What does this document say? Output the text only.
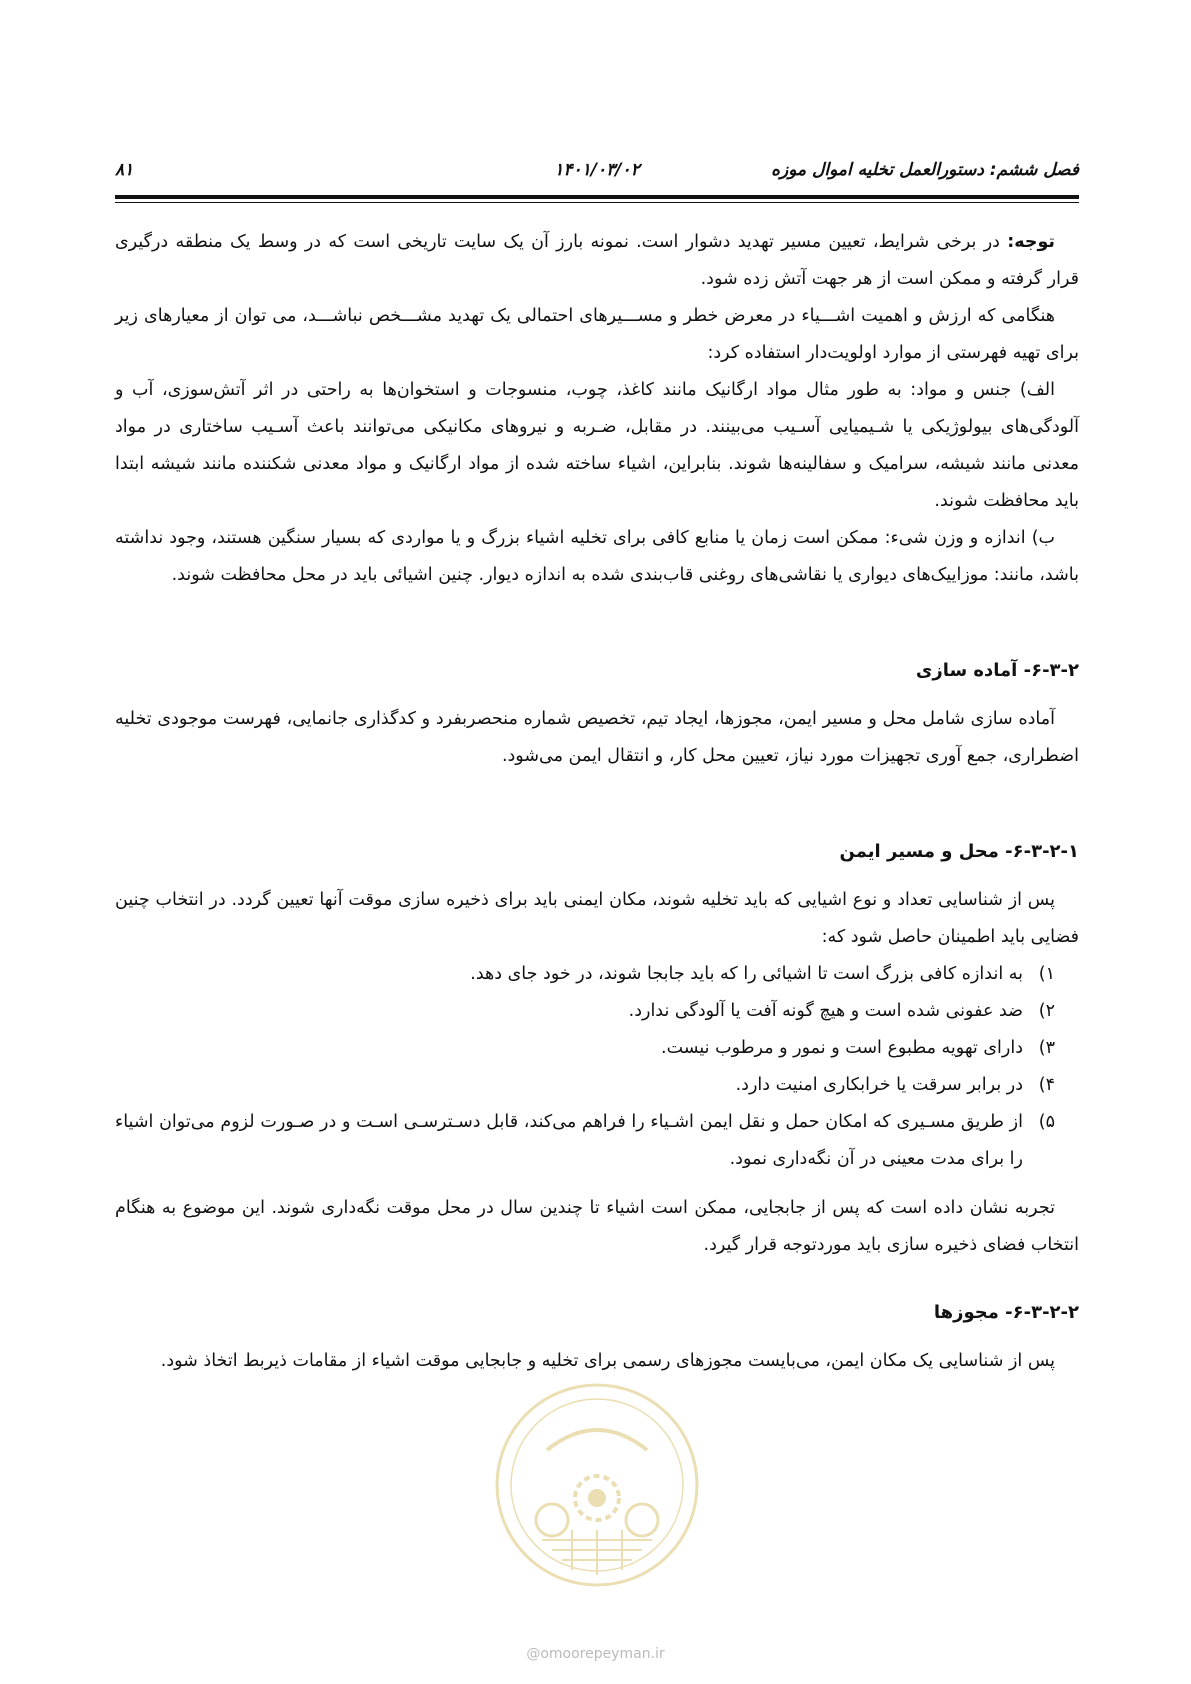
فصل ششم: دستورالعمل تخلیه اموال موزه
۱۴۰۱/۰۳/۰۲
۸۱

توجه: در برخی شرایط، تعیین مسیر تهدید دشوار است. نمونه بارز آن یک سایت تاریخی است که در وسط یک منطقه درگیری قرار گرفته و ممکن است از هر جهت آتش زده شود.

هنگامی که ارزش و اهمیت اشـــیاء در معرض خطر و مســـیرهای احتمالی یک تهدید مشـــخص نباشـــد، می توان از معیارهای زیر برای تهیه فهرستی از موارد اولویت‌دار استفاده کرد:

الف) جنس و مواد: به طور مثال مواد ارگانیک مانند کاغذ، چوب، منسوجات و استخوان‌ها به راحتی در اثر آتش‌سوزی، آب و آلودگی‌های بیولوژیکی یا شـیمیایی آسـیب می‌بینند. در مقابل، ضـربه و نیروهای مکانیکی می‌توانند باعث آسـیب ساختاری در مواد معدنی مانند شیشه، سرامیک و سفالینه‌ها شوند. بنابراین، اشیاء ساخته شده از مواد ارگانیک و مواد معدنی شکننده مانند شیشه ابتدا باید محافظت شوند.

ب) اندازه و وزن شیء: ممکن است زمان یا منابع کافی برای تخلیه اشیاء بزرگ و یا مواردی که بسیار سنگین هستند، وجود نداشته باشد، مانند: موزاییک‌های دیواری یا نقاشی‌های روغنی قاب‌بندی شده به اندازه دیوار. چنین اشیائی باید در محل محافظت شوند.

۶-۳-۲- آماده سازی

آماده سازی شامل محل و مسیر ایمن، مجوزها، ایجاد تیم، تخصیص شماره منحصربفرد و کدگذاری جانمایی، فهرست موجودی تخلیه اضطراری، جمع آوری تجهیزات مورد نیاز، تعیین محل کار، و انتقال ایمن می‌شود.

۶-۳-۲-۱- محل و مسیر ایمن

پس از شناسایی تعداد و نوع اشیایی که باید تخلیه شوند، مکان ایمنی باید برای ذخیره سازی موقت آنها تعیین گردد. در انتخاب چنین فضایی باید اطمینان حاصل شود که:

۱)
به اندازه کافی بزرگ است تا اشیائی را که باید جابجا شوند، در خود جای دهد.
۲)
ضد عفونی شده است و هیچ گونه آفت یا آلودگی ندارد.
۳)
دارای تهویه مطبوع است و نمور و مرطوب نیست.
۴)
در برابر سرقت یا خرابکاری امنیت دارد.
۵)
از طریق مسـیری که امکان حمل و نقل ایمن اشـیاء را فراهم می‌کند، قابل دسـترسـی اسـت و در صـورت لزوم می‌توان اشیاء را برای مدت معینی در آن نگه‌داری نمود.

تجربه نشان داده است که پس از جابجایی، ممکن است اشیاء تا چندین سال در محل موقت نگه‌داری شوند. این موضوع به هنگام انتخاب فضای ذخیره سازی باید موردتوجه قرار گیرد.

۶-۳-۲-۲- مجوزها

پس از شناسایی یک مکان ایمن، می‌بایست مجوزهای رسمی برای تخلیه و جابجایی موقت اشیاء از مقامات ذیربط اتخاذ شود.

@omoorepeyman.ir
